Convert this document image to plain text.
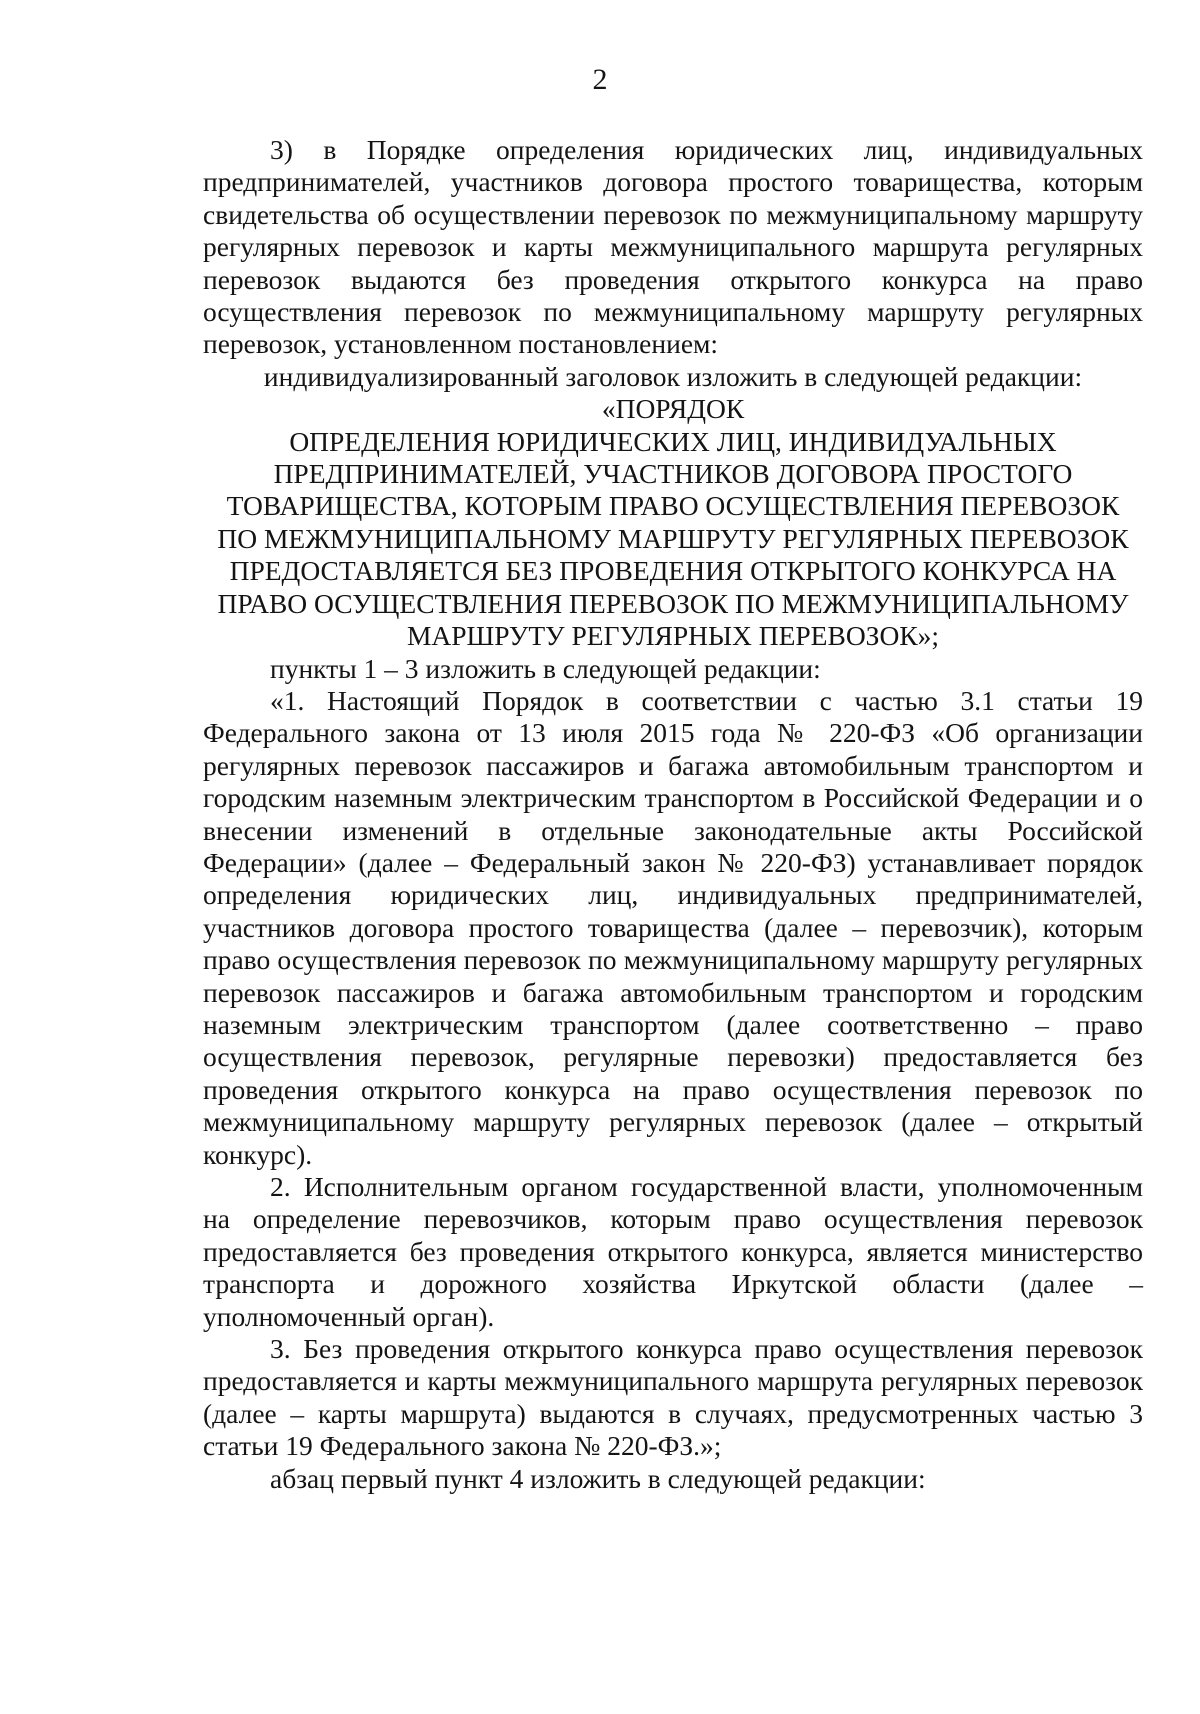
2

3) в Порядке определения юридических лиц, индивидуальных предпринимателей, участников договора простого товарищества, которым свидетельства об осуществлении перевозок по межмуниципальному маршруту регулярных перевозок и карты межмуниципального маршрута регулярных перевозок выдаются без проведения открытого конкурса на право осуществления перевозок по межмуниципальному маршруту регулярных перевозок, установленном постановлением:

индивидуализированный заголовок изложить в следующей редакции:

«ПОРЯДОК
ОПРЕДЕЛЕНИЯ ЮРИДИЧЕСКИХ ЛИЦ, ИНДИВИДУАЛЬНЫХ
ПРЕДПРИНИМАТЕЛЕЙ, УЧАСТНИКОВ ДОГОВОРА ПРОСТОГО
ТОВАРИЩЕСТВА, КОТОРЫМ ПРАВО ОСУЩЕСТВЛЕНИЯ ПЕРЕВОЗОК
ПО МЕЖМУНИЦИПАЛЬНОМУ МАРШРУТУ РЕГУЛЯРНЫХ ПЕРЕВОЗОК
ПРЕДОСТАВЛЯЕТСЯ БЕЗ ПРОВЕДЕНИЯ ОТКРЫТОГО КОНКУРСА НА
ПРАВО ОСУЩЕСТВЛЕНИЯ ПЕРЕВОЗОК ПО МЕЖМУНИЦИПАЛЬНОМУ
МАРШРУТУ РЕГУЛЯРНЫХ ПЕРЕВОЗОК»;

пункты 1 – 3 изложить в следующей редакции:

«1. Настоящий Порядок в соответствии с частью 3.1 статьи 19 Федерального закона от 13 июля 2015 года № 220-ФЗ «Об организации регулярных перевозок пассажиров и багажа автомобильным транспортом и городским наземным электрическим транспортом в Российской Федерации и о внесении изменений в отдельные законодательные акты Российской Федерации» (далее – Федеральный закон № 220-ФЗ) устанавливает порядок определения юридических лиц, индивидуальных предпринимателей, участников договора простого товарищества (далее – перевозчик), которым право осуществления перевозок по межмуниципальному маршруту регулярных перевозок пассажиров и багажа автомобильным транспортом и городским наземным электрическим транспортом (далее соответственно – право осуществления перевозок, регулярные перевозки) предоставляется без проведения открытого конкурса на право осуществления перевозок по межмуниципальному маршруту регулярных перевозок (далее – открытый конкурс).

2. Исполнительным органом государственной власти, уполномоченным на определение перевозчиков, которым право осуществления перевозок предоставляется без проведения открытого конкурса, является министерство транспорта и дорожного хозяйства Иркутской области (далее – уполномоченный орган).

3. Без проведения открытого конкурса право осуществления перевозок предоставляется и карты межмуниципального маршрута регулярных перевозок (далее – карты маршрута) выдаются в случаях, предусмотренных частью 3 статьи 19 Федерального закона № 220-ФЗ.»;

абзац первый пункт 4 изложить в следующей редакции:
